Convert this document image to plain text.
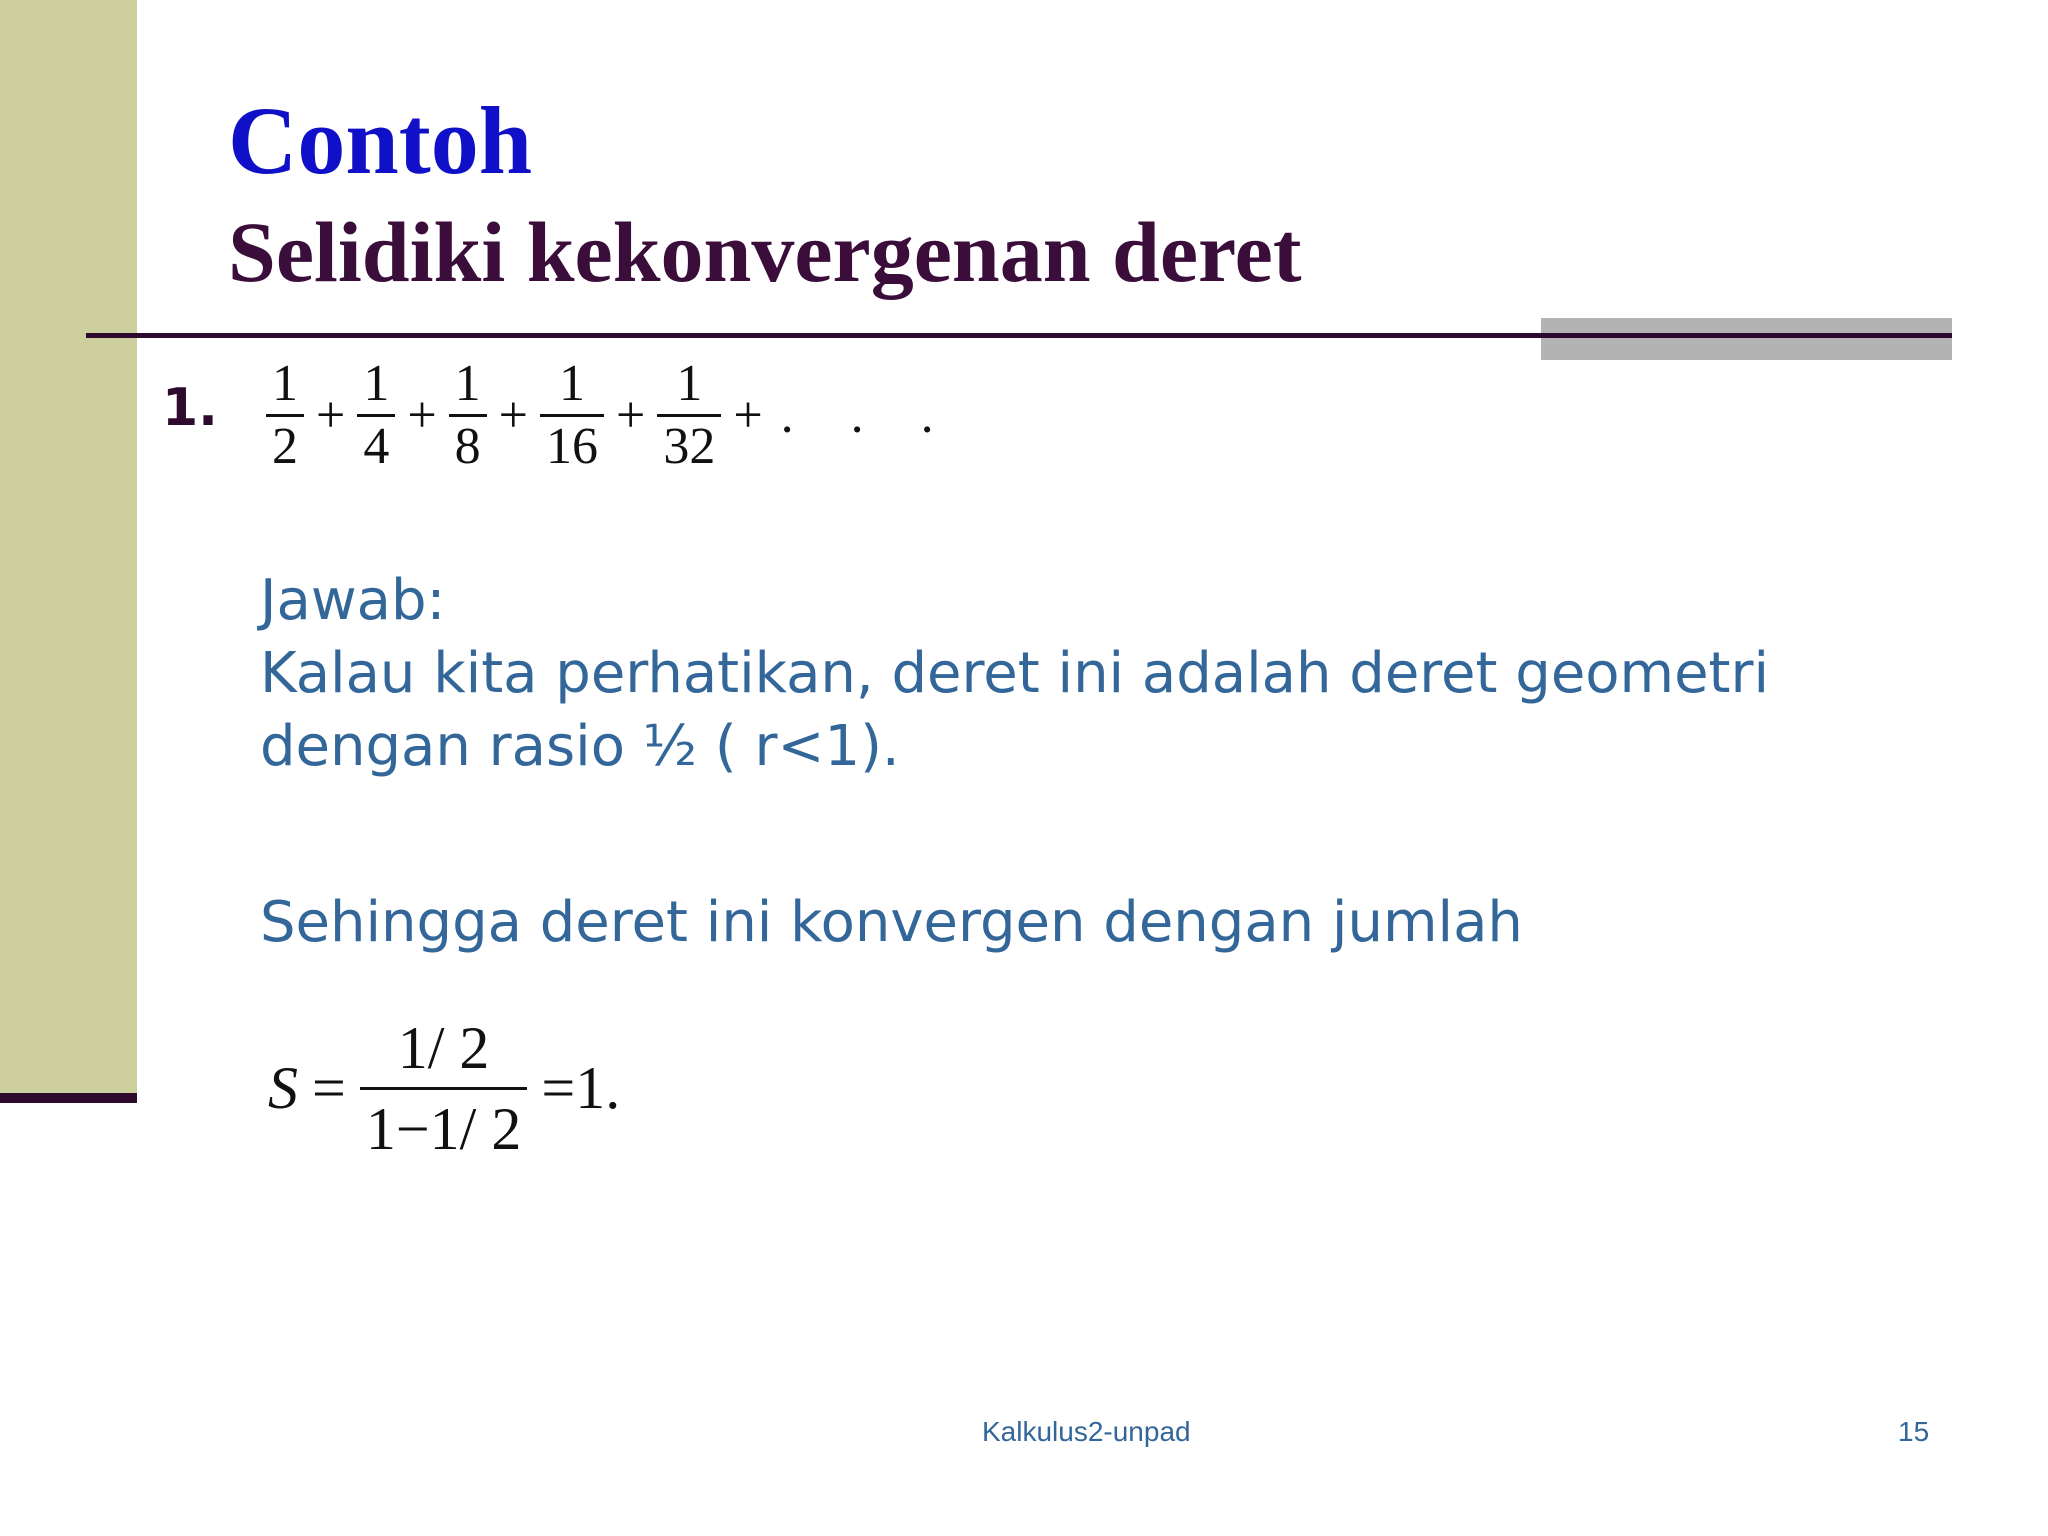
Contoh
Selidiki kekonvergenan deret
1. $\frac{1}{2} + \frac{1}{4} + \frac{1}{8} + \frac{1}{16} + \frac{1}{32}$ + . . .
Jawab:
Kalau kita perhatikan, deret ini adalah deret geometri
dengan rasio ½ ( r<1).
Sehingga deret ini konvergen dengan jumlah
$S = \frac{1/ 2}{1-1/ 2} =1$.
Kalkulus2-unpad	15
